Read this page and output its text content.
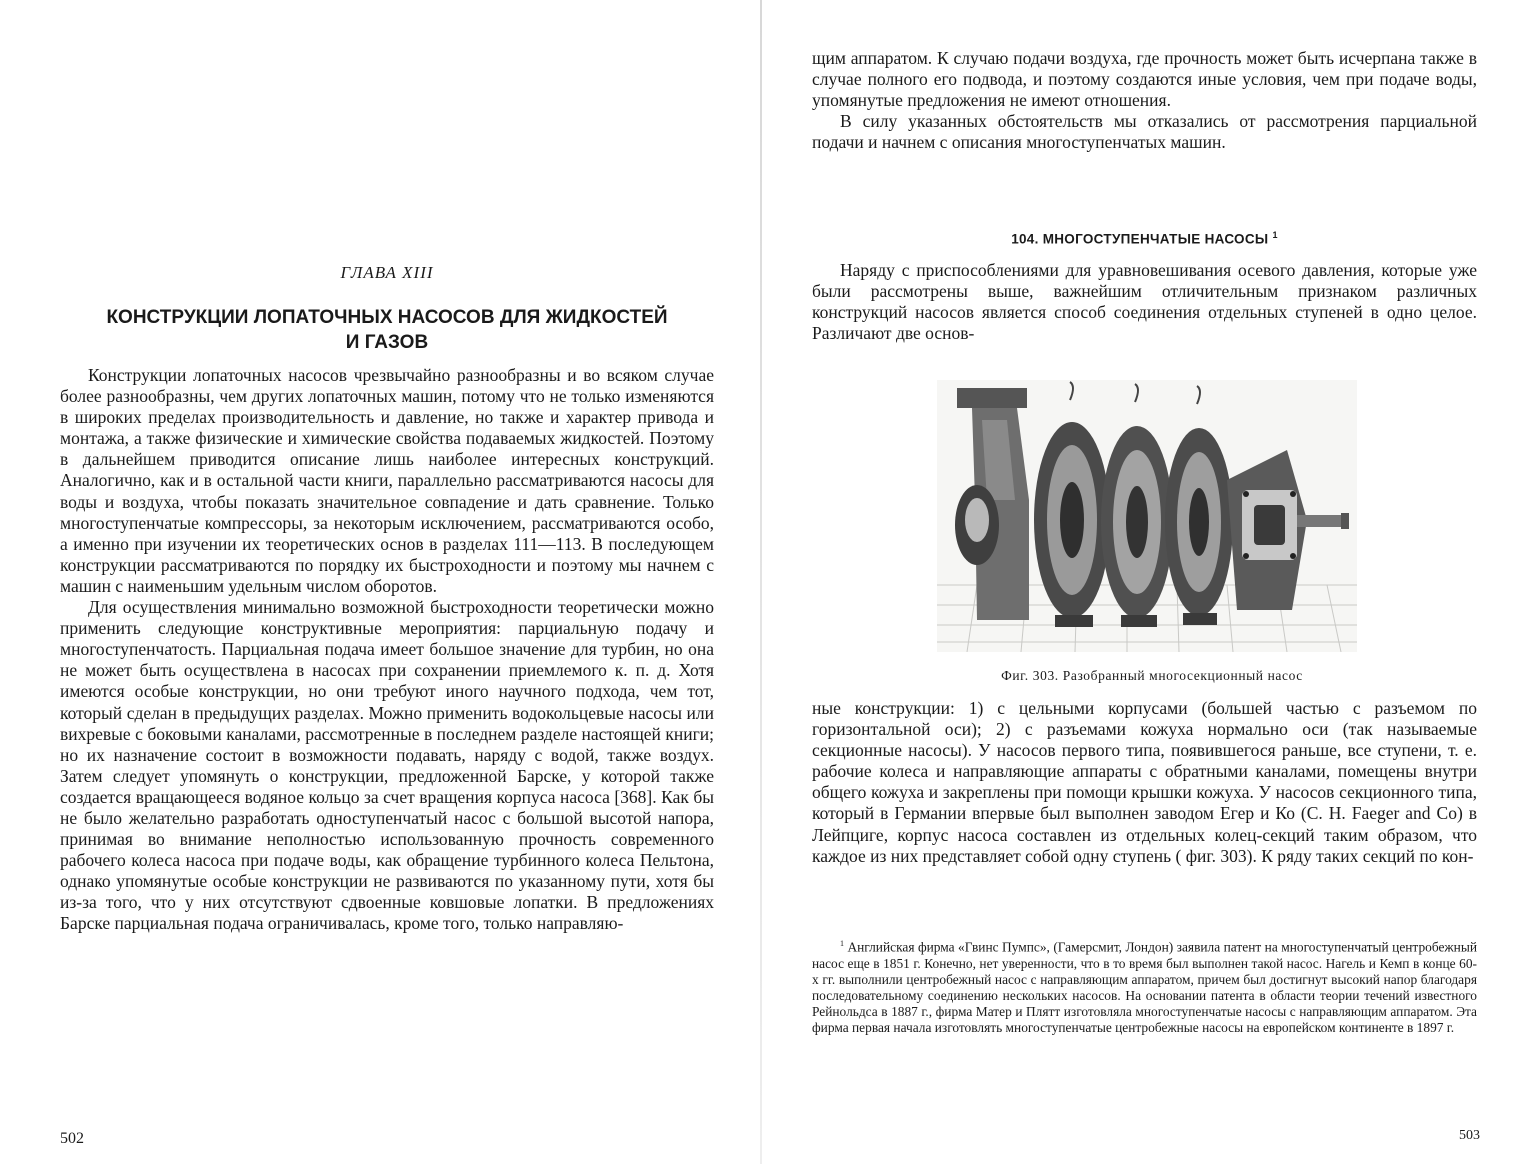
ГЛАВА XIII
КОНСТРУКЦИИ ЛОПАТОЧНЫХ НАСОСОВ ДЛЯ ЖИДКОСТЕЙ
И ГАЗОВ

Конструкции лопаточных насосов чрезвычайно разнообразны и во всяком случае более разнообразны, чем других лопаточных машин, потому что не только изменяются в широких пределах производительность и давление, но также и характер привода и монтажа, а также физические и химические свойства подаваемых жидкостей. Поэтому в дальнейшем приводится описание лишь наиболее интересных конструкций. Аналогично, как и в остальной части книги, параллельно рассматриваются насосы для воды и воздуха, чтобы показать значительное совпадение и дать сравнение. Только многоступенчатые компрессоры, за некоторым исключением, рассматриваются особо, а именно при изучении их теоретических основ в разделах 111—113. В последующем конструкции рассматриваются по порядку их быстроходности и поэтому мы начнем с машин с наименьшим удельным числом оборотов.

Для осуществления минимально возможной быстроходности теоретически можно применить следующие конструктивные мероприятия: парциальную подачу и многоступенчатость. Парциальная подача имеет большое значение для турбин, но она не может быть осуществлена в насосах при сохранении приемлемого к. п. д. Хотя имеются особые конструкции, но они требуют иного научного подхода, чем тот, который сделан в предыдущих разделах. Можно применить водокольцевые насосы или вихревые с боковыми каналами, рассмотренные в последнем разделе настоящей книги; но их назначение состоит в возможности подавать, наряду с водой, также воздух. Затем следует упомянуть о конструкции, предложенной Барске, у которой также создается вращающееся водяное кольцо за счет вращения корпуса насоса [368]. Как бы не было желательно разработать одноступенчатый насос с большой высотой напора, принимая во внимание неполностью использованную прочность современного рабочего колеса насоса при подаче воды, как обращение турбинного колеса Пельтона, однако упомянутые особые конструкции не развиваются по указанному пути, хотя бы из-за того, что у них отсутствуют сдвоенные ковшовые лопатки. В предложениях Барске парциальная подача ограничивалась, кроме того, только направляю-

502

щим аппаратом. К случаю подачи воздуха, где прочность может быть исчерпана также в случае полного его подвода, и поэтому создаются иные условия, чем при подаче воды, упомянутые предложения не имеют отношения.

В силу указанных обстоятельств мы отказались от рассмотрения парциальной подачи и начнем с описания многоступенчатых машин.

104. МНОГОСТУПЕНЧАТЫЕ НАСОСЫ $^1$

Наряду с приспособлениями для уравновешивания осевого давления, которые уже были рассмотрены выше, важнейшим отличительным признаком различных конструкций насосов является способ соединения отдельных ступеней в одно целое. Различают две основ-

Фиг. 303. Разобранный многосекционный насос

ные конструкции: 1) с цельными корпусами (большей частью с разъемом по горизонтальной оси); 2) с разъемами кожуха нормально оси (так называемые секционные насосы). У насосов первого типа, появившегося раньше, все ступени, т. е. рабочие колеса и направляющие аппараты с обратными каналами, помещены внутри общего кожуха и закреплены при помощи крышки кожуха. У насосов секционного типа, который в Германии впервые был выполнен заводом Егер и Ко (C. H. Faeger and Co) в Лейпциге, корпус насоса составлен из отдельных колец-секций таким образом, что каждое из них представляет собой одну ступень ( фиг. 303). К ряду таких секций по кон-

$^1$ Английская фирма «Гвинс Пумпс», (Гамерсмит, Лондон) заявила патент на многоступенчатый центробежный насос еще в 1851 г. Конечно, нет уверенности, что в то время был выполнен такой насос. Нагель и Кемп в конце 60-х гг. выполнили центробежный насос с направляющим аппаратом, причем был достигнут высокий напор благодаря последовательному соединению нескольких насосов. На основании патента в области теории течений известного Рейнольдса в 1887 г., фирма Матер и Плятт изготовляла многоступенчатые насосы с направляющим аппаратом. Эта фирма первая начала изготовлять многоступенчатые центробежные насосы на европейском континенте в 1897 г.

503
